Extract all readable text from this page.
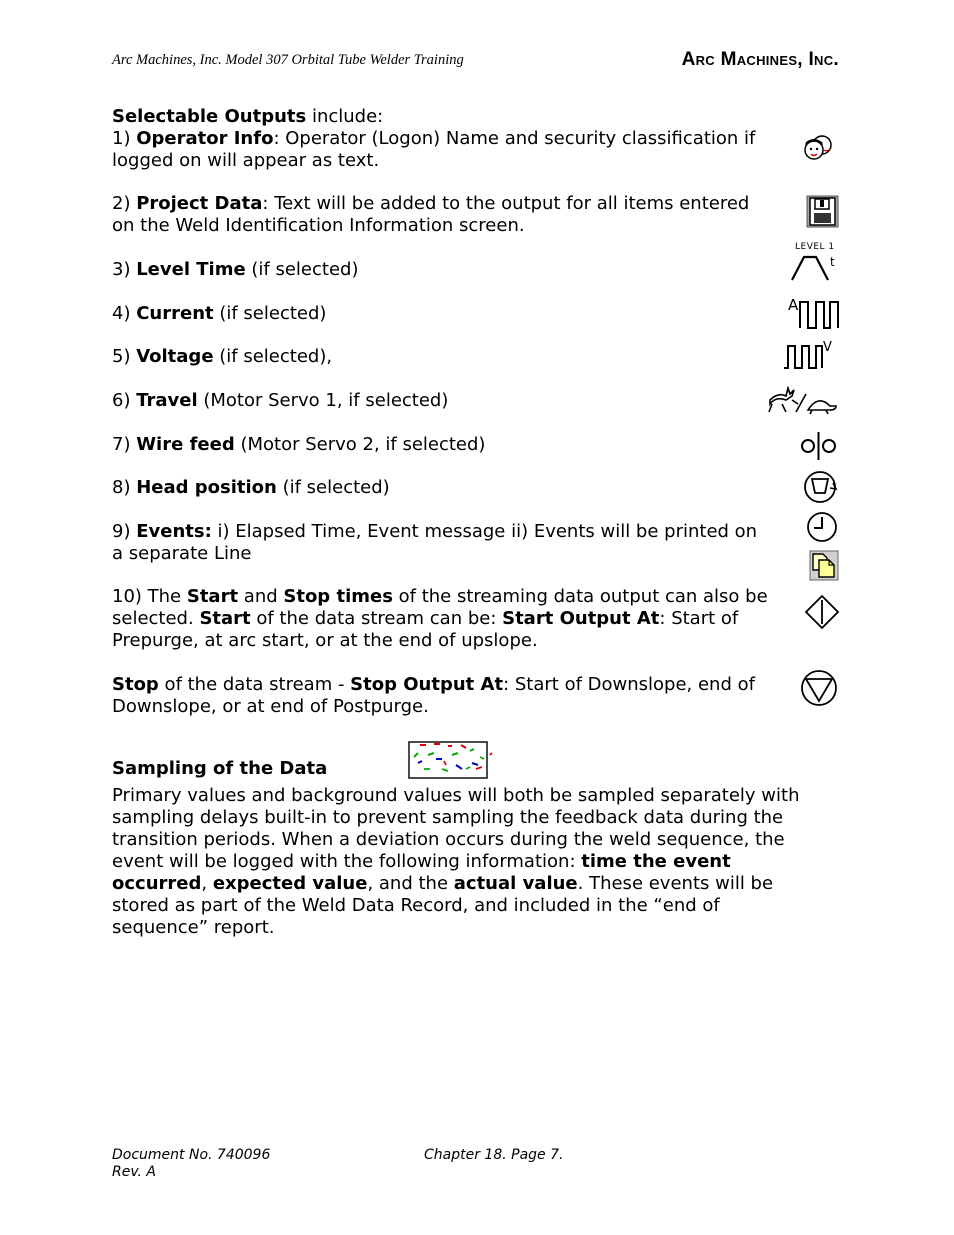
Arc Machines, Inc. Model 307 Orbital Tube Welder Training	Arc Machines, Inc.
Selectable Outputs include:
1) Operator Info: Operator (Logon) Name and security classification if
logged on will appear as text.
2) Project Data: Text will be added to the output for all items entered
on the Weld Identification Information screen.
3) Level Time (if selected)
LEVEL 1
t
4) Current (if selected)	A
5) Voltage (if selected),	V
6) Travel (Motor Servo 1, if selected)
7) Wire feed (Motor Servo 2, if selected)
8) Head position (if selected)
9) Events: i) Elapsed Time, Event message ii) Events will be printed on
a separate Line
10) The Start and Stop times of the streaming data output can also be
selected. Start of the data stream can be: Start Output At: Start of
Prepurge, at arc start, or at the end of upslope.
Stop of the data stream - Stop Output At: Start of Downslope, end of
Downslope, or at end of Postpurge.
Sampling of the Data
Primary values and background values will both be sampled separately with
sampling delays built-in to prevent sampling the feedback data during the
transition periods. When a deviation occurs during the weld sequence, the
event will be logged with the following information: time the event
occurred, expected value, and the actual value. These events will be
stored as part of the Weld Data Record, and included in the “end of
sequence” report.
Document No. 740096
Rev. A
Chapter 18. Page 7.
